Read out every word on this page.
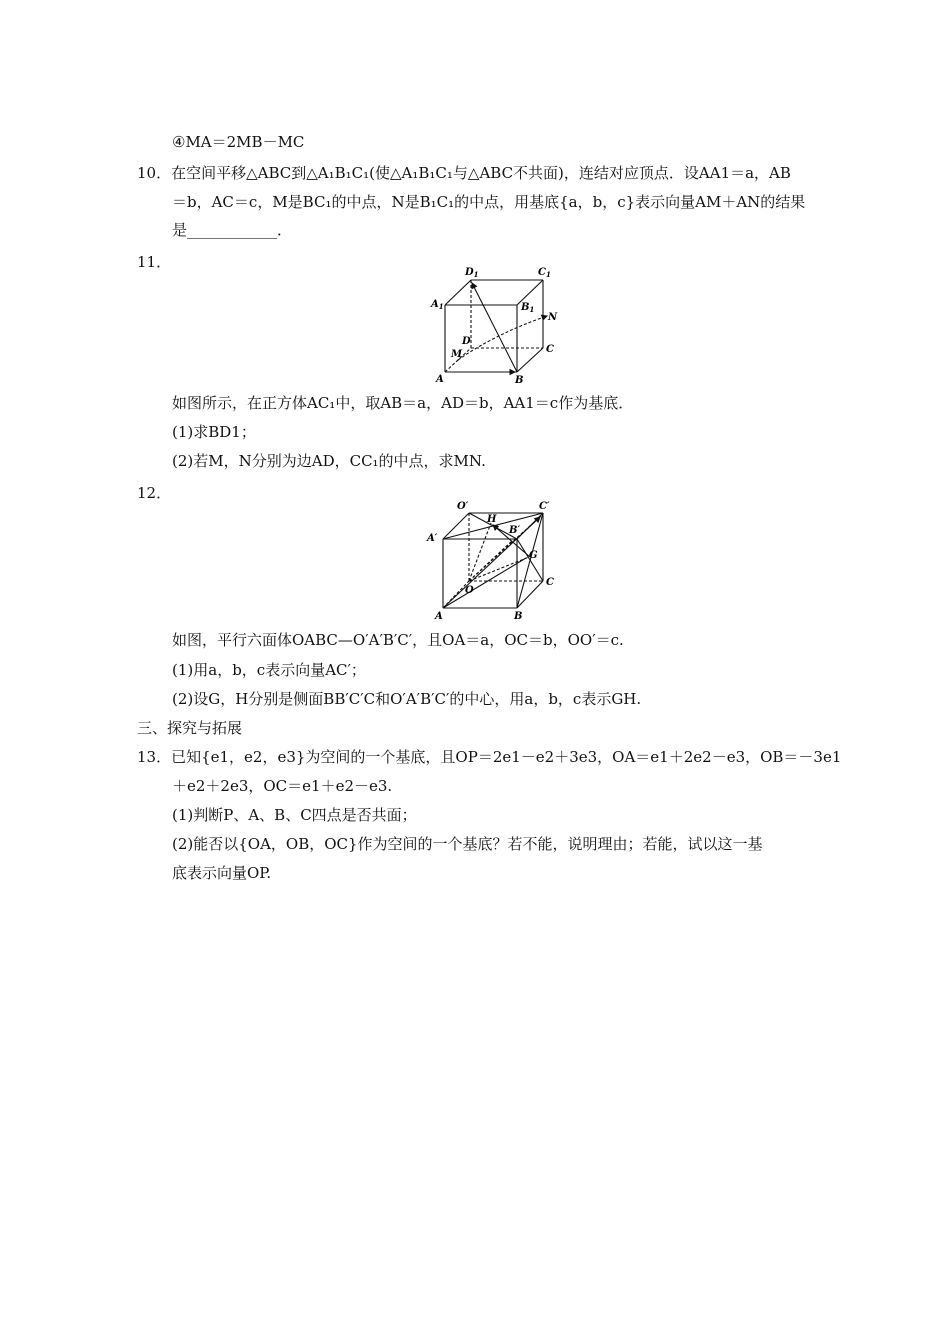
④MA＝2MB－MC
10．在空间平移△ABC到△A₁B₁C₁(使△A₁B₁C₁与△ABC不共面)，连结对应顶点．设AA1＝a，AB
＝b，AC＝c，M是BC₁的中点，N是B₁C₁的中点，用基底{a，b，c}表示向量AM＋AN的结果
是____________．
11．
$D_1$	$C_1$
$A_1$	$B_1$
N
D
M	C
A	B
如图所示，在正方体AC₁中，取AB＝a，AD＝b，AA1＝c作为基底．
(1)求BD1；
(2)若M，N分别为边AD，CC₁的中点，求MN.
12．
O′	C′
H
B′
A′
G
O
C
A	B
如图，平行六面体OABC—O′A′B′C′，且OA＝a，OC＝b，OO′＝c.
(1)用a，b，c表示向量AC′；
(2)设G，H分别是侧面BB′C′C和O′A′B′C′的中心，用a，b，c表示GH.
三、探究与拓展
13．已知{e1，e2，e3}为空间的一个基底，且OP＝2e1－e2＋3e3，OA＝e1＋2e2－e3，OB＝－3e1
＋e2＋2e3，OC＝e1＋e2－e3.
(1)判断P、A、B、C四点是否共面；
(2)能否以{OA，OB，OC}作为空间的一个基底？若不能，说明理由；若能，试以这一基
底表示向量OP.
